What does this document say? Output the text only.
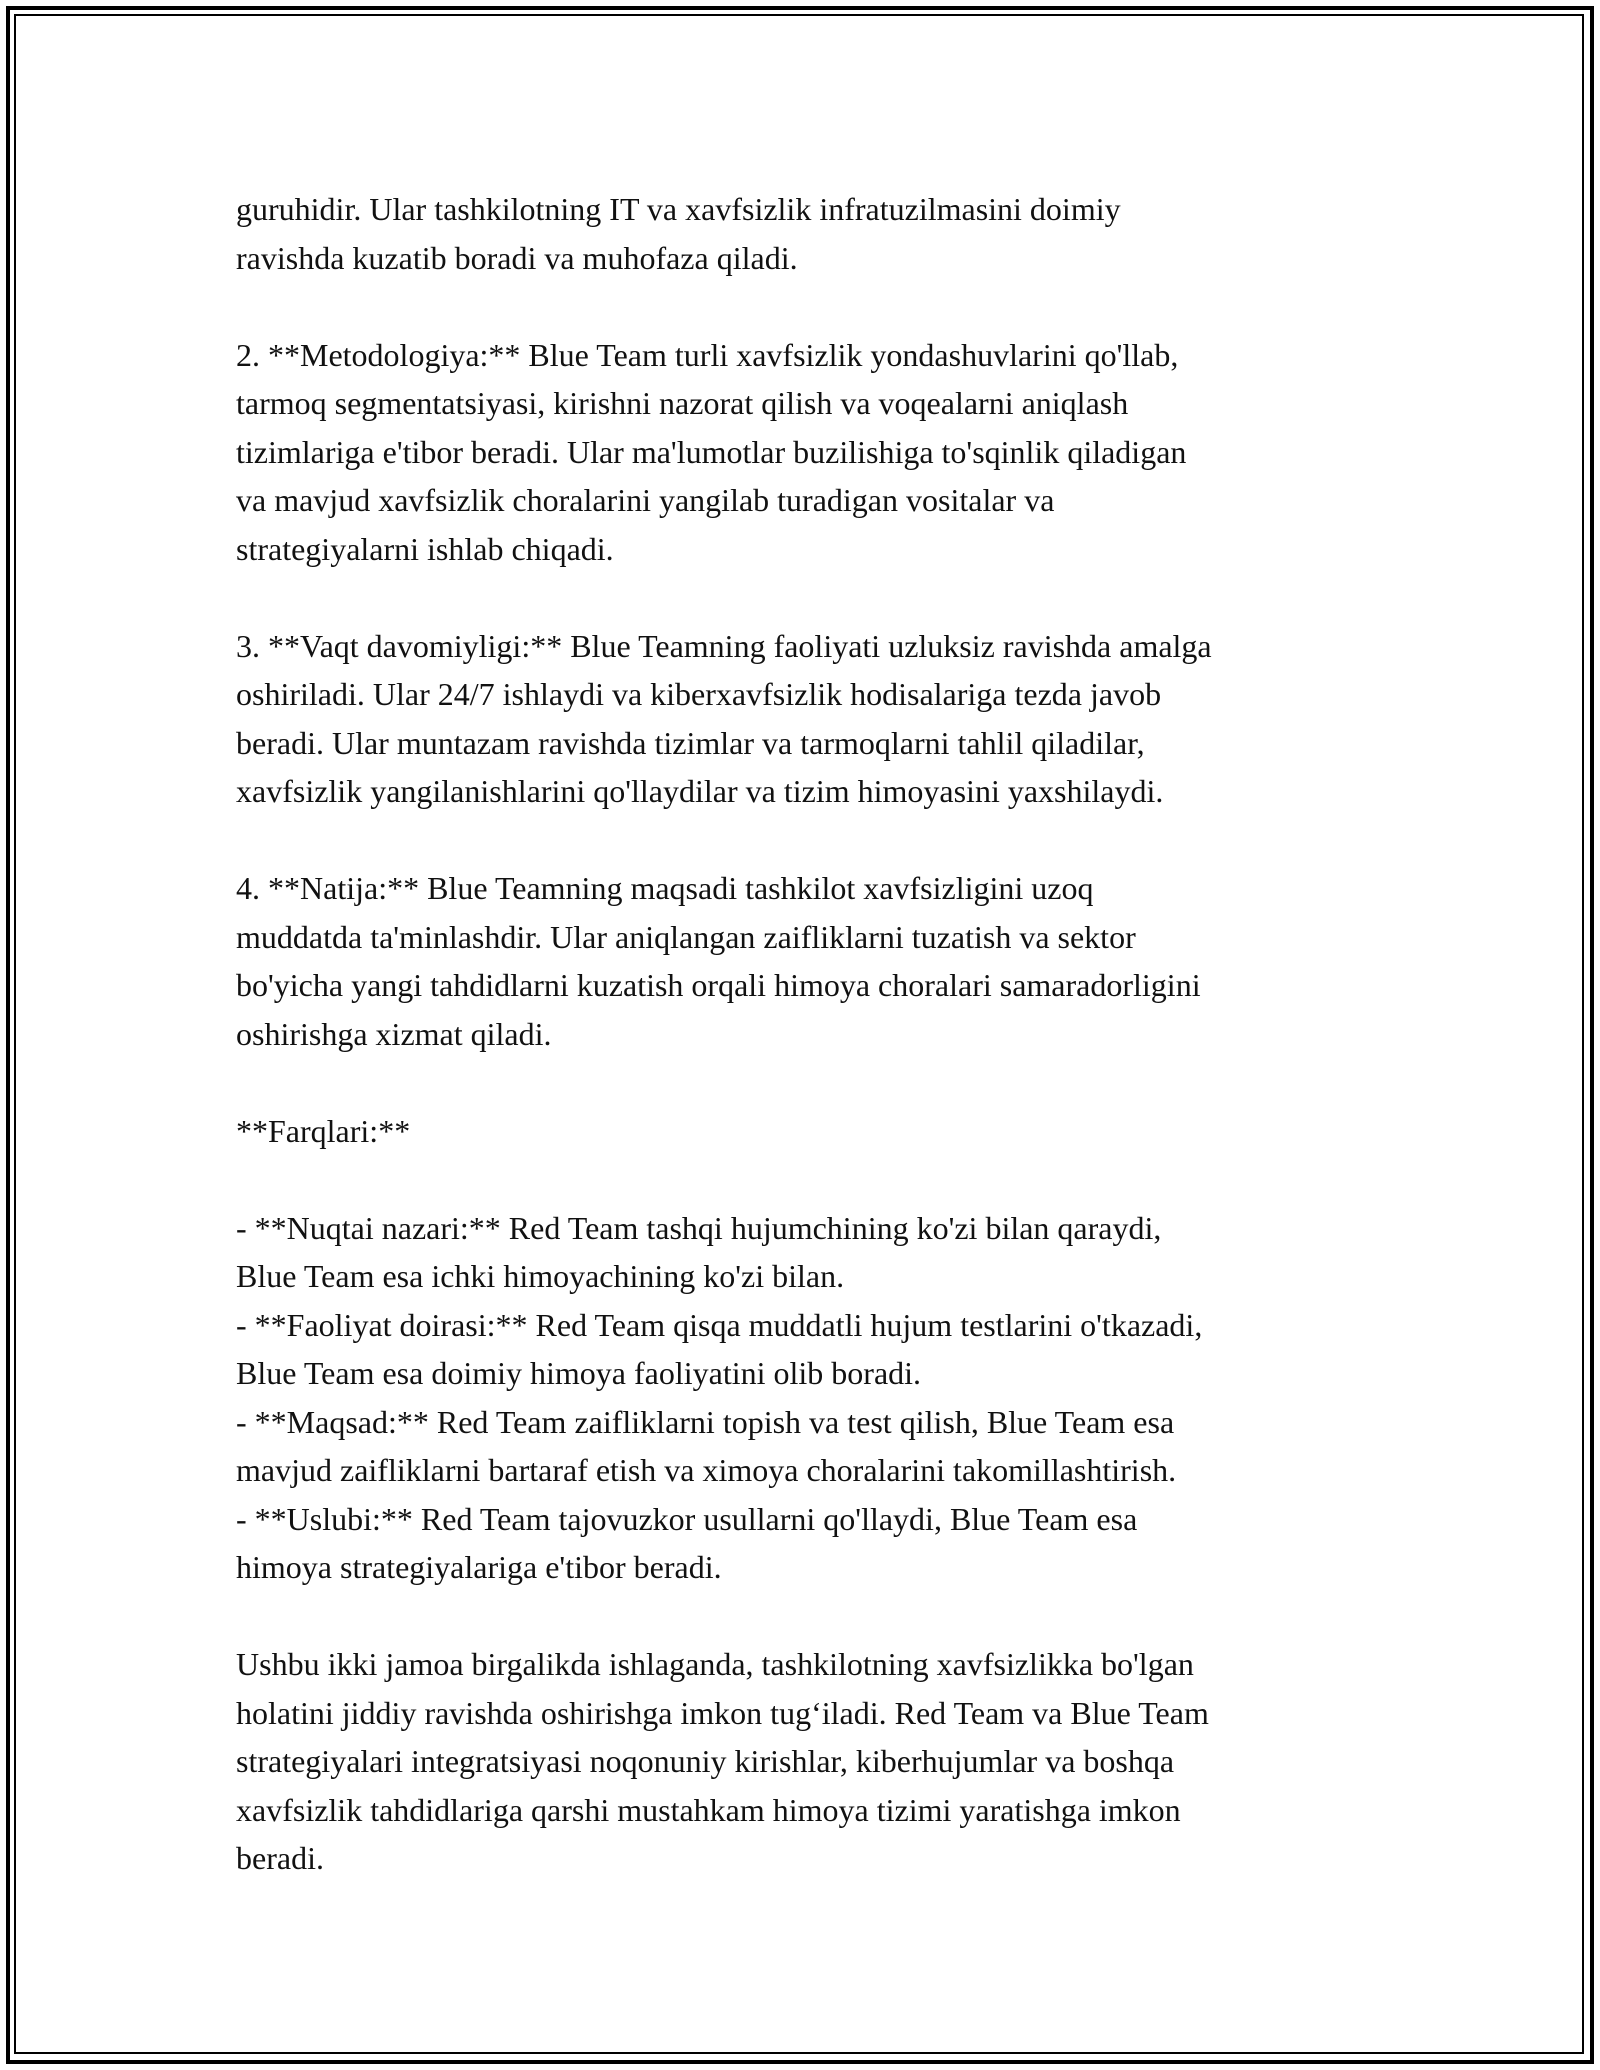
guruhidir. Ular tashkilotning IT va xavfsizlik infratuzilmasini doimiy
ravishda kuzatib boradi va muhofaza qiladi.
2. **Metodologiya:** Blue Team turli xavfsizlik yondashuvlarini qo'llab,
tarmoq segmentatsiyasi, kirishni nazorat qilish va voqealarni aniqlash
tizimlariga e'tibor beradi. Ular ma'lumotlar buzilishiga to'sqinlik qiladigan
va mavjud xavfsizlik choralarini yangilab turadigan vositalar va
strategiyalarni ishlab chiqadi.
3. **Vaqt davomiyligi:** Blue Teamning faoliyati uzluksiz ravishda amalga
oshiriladi. Ular 24/7 ishlaydi va kiberxavfsizlik hodisalariga tezda javob
beradi. Ular muntazam ravishda tizimlar va tarmoqlarni tahlil qiladilar,
xavfsizlik yangilanishlarini qo'llaydilar va tizim himoyasini yaxshilaydi.
4. **Natija:** Blue Teamning maqsadi tashkilot xavfsizligini uzoq
muddatda ta'minlashdir. Ular aniqlangan zaifliklarni tuzatish va sektor
bo'yicha yangi tahdidlarni kuzatish orqali himoya choralari samaradorligini
oshirishga xizmat qiladi.
**Farqlari:**
- **Nuqtai nazari:** Red Team tashqi hujumchining ko'zi bilan qaraydi,
Blue Team esa ichki himoyachining ko'zi bilan.
- **Faoliyat doirasi:** Red Team qisqa muddatli hujum testlarini o'tkazadi,
Blue Team esa doimiy himoya faoliyatini olib boradi.
- **Maqsad:** Red Team zaifliklarni topish va test qilish, Blue Team esa
mavjud zaifliklarni bartaraf etish va ximoya choralarini takomillashtirish.
- **Uslubi:** Red Team tajovuzkor usullarni qo'llaydi, Blue Team esa
himoya strategiyalariga e'tibor beradi.
Ushbu ikki jamoa birgalikda ishlaganda, tashkilotning xavfsizlikka bo'lgan
holatini jiddiy ravishda oshirishga imkon tug‘iladi. Red Team va Blue Team
strategiyalari integratsiyasi noqonuniy kirishlar, kiberhujumlar va boshqa
xavfsizlik tahdidlariga qarshi mustahkam himoya tizimi yaratishga imkon
beradi.
